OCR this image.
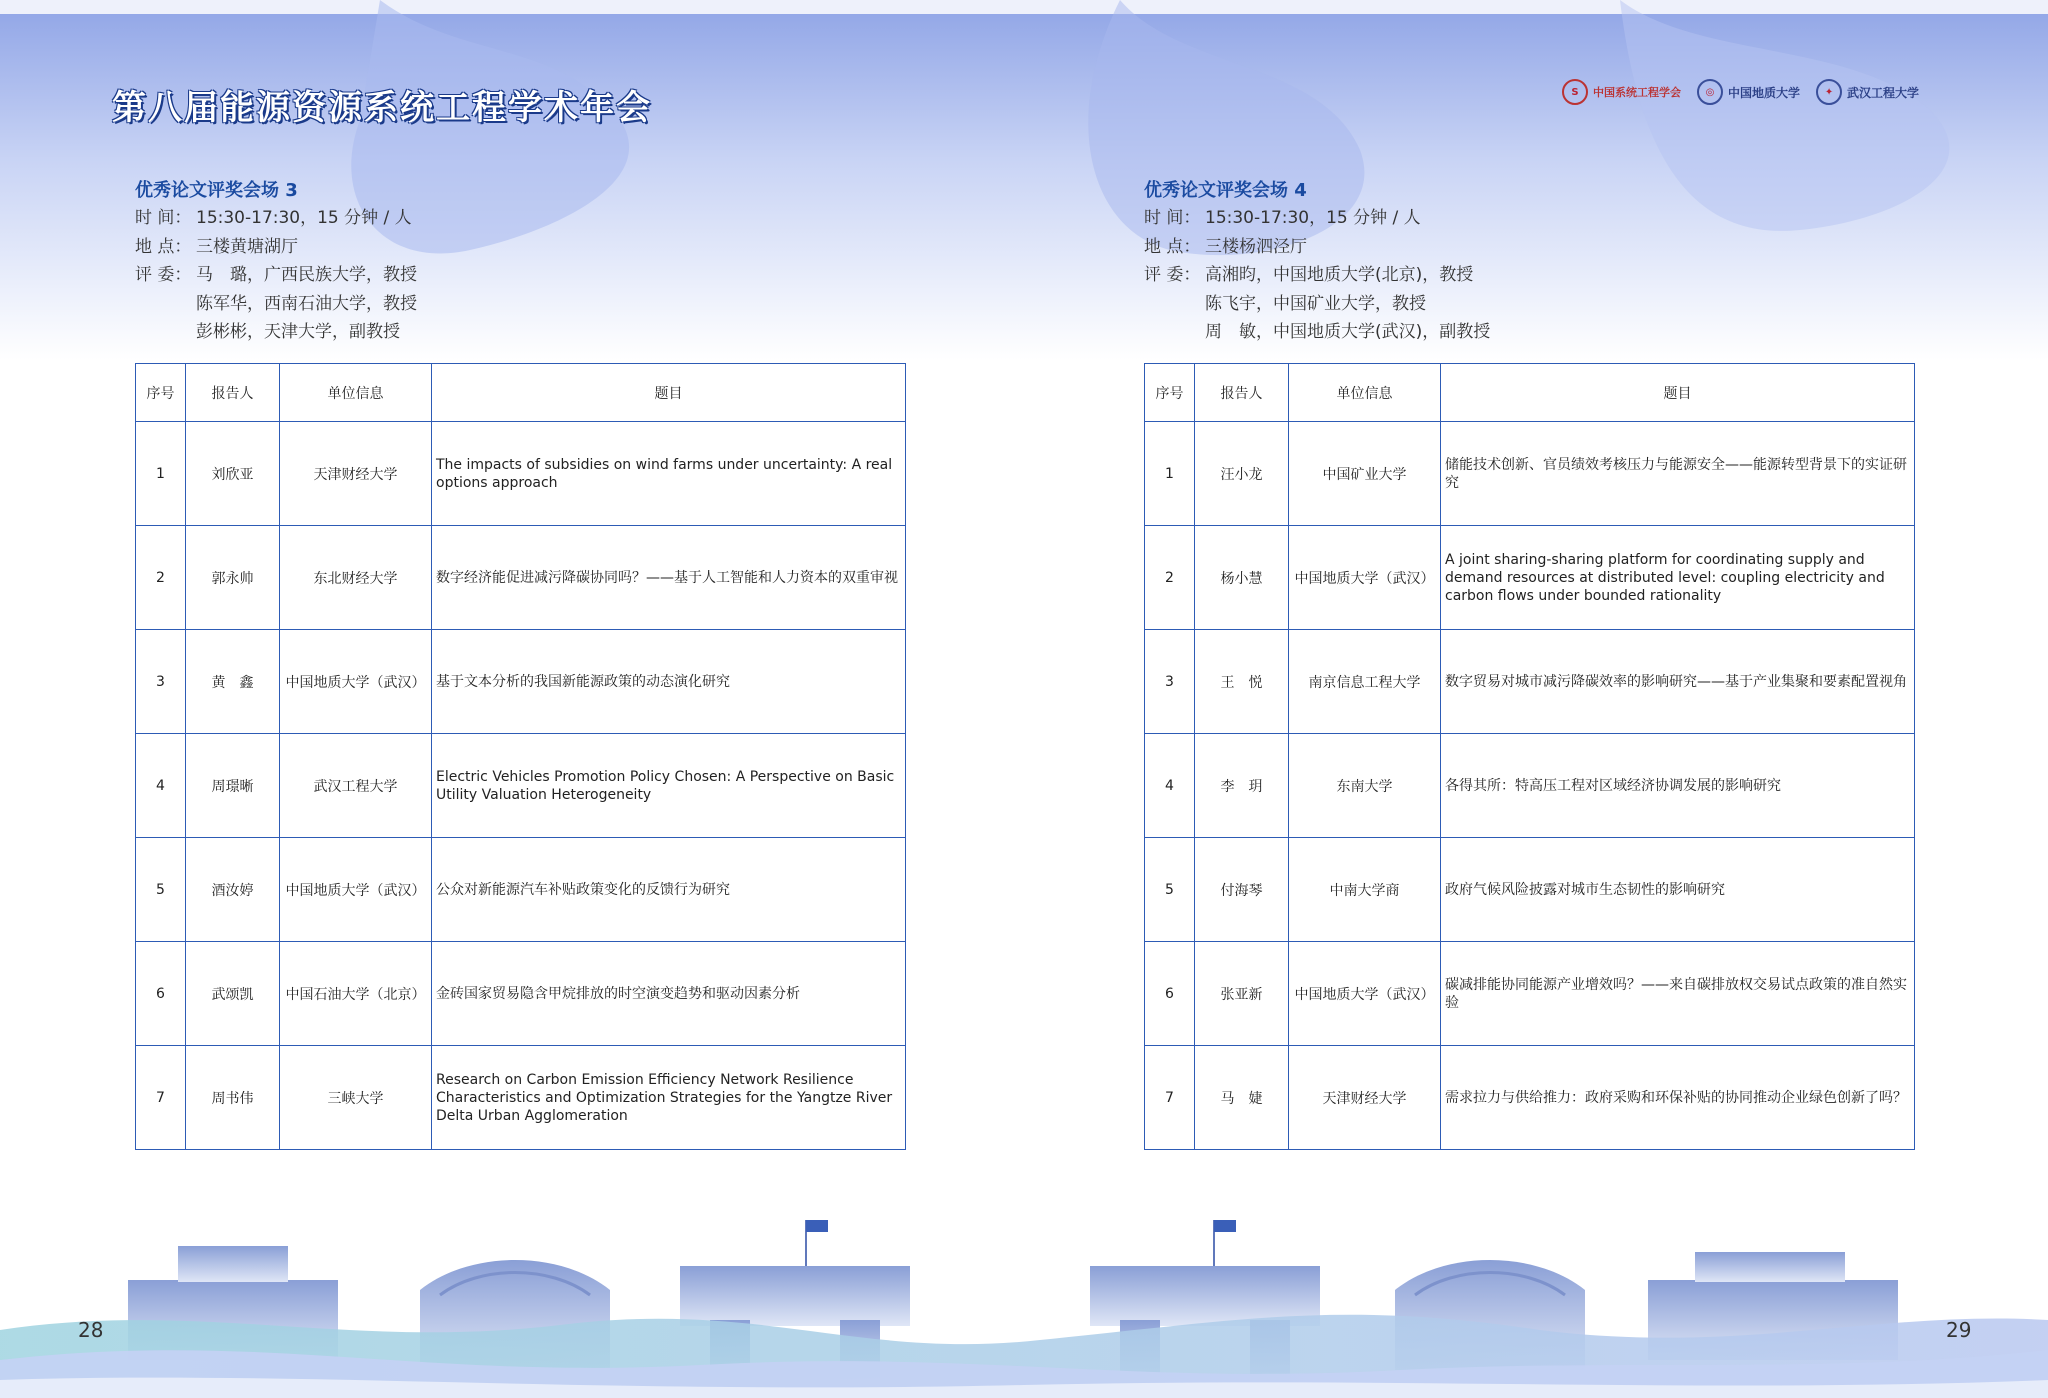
第八届能源资源系统工程学术年会	S	中国系统工程学会	◎	中国地质大学	✦	武汉工程大学
优秀论文评奖会场 3
时 间： 15:30-17:30，15 分钟 / 人
地 点： 三楼黄塘湖厅
评 委： 马　璐，广西民族大学，教授
陈军华，西南石油大学，教授
彭彬彬，天津大学，副教授
序号	报告人	单位信息	题目
1	刘欣亚	天津财经大学	The impacts of subsidies on wind farms under uncertainty: A real options approach
2	郭永帅	东北财经大学	数字经济能促进减污降碳协同吗？——基于人工智能和人力资本的双重审视
3	黄　鑫	中国地质大学（武汉）	基于文本分析的我国新能源政策的动态演化研究
4	周璟晰	武汉工程大学	Electric Vehicles Promotion Policy Chosen: A Perspective on Basic Utility Valuation Heterogeneity
5	酒汝婷	中国地质大学（武汉）	公众对新能源汽车补贴政策变化的反馈行为研究
6	武颂凯	中国石油大学（北京）	金砖国家贸易隐含甲烷排放的时空演变趋势和驱动因素分析
7	周书伟	三峡大学	Research on Carbon Emission Efficiency Network Resilience Characteristics and Optimization Strategies for the Yangtze River Delta Urban Agglomeration
优秀论文评奖会场 4
时 间： 15:30-17:30，15 分钟 / 人
地 点： 三楼杨泗泾厅
评 委： 高湘昀，中国地质大学(北京)，教授
陈飞宇，中国矿业大学，教授
周　敏，中国地质大学(武汉)，副教授
序号	报告人	单位信息	题目
1	汪小龙	中国矿业大学	储能技术创新、官员绩效考核压力与能源安全——能源转型背景下的实证研究
2	杨小慧	中国地质大学（武汉）	A joint sharing-sharing platform for coordinating supply and demand resources at distributed level: coupling electricity and carbon flows under bounded rationality
3	王　悦	南京信息工程大学	数字贸易对城市减污降碳效率的影响研究——基于产业集聚和要素配置视角
4	李　玥	东南大学	各得其所：特高压工程对区域经济协调发展的影响研究
5	付海琴	中南大学商	政府气候风险披露对城市生态韧性的影响研究
6	张亚新	中国地质大学（武汉）	碳减排能协同能源产业增效吗？——来自碳排放权交易试点政策的准自然实验
7	马　婕	天津财经大学	需求拉力与供给推力：政府采购和环保补贴的协同推动企业绿色创新了吗？
28	29
